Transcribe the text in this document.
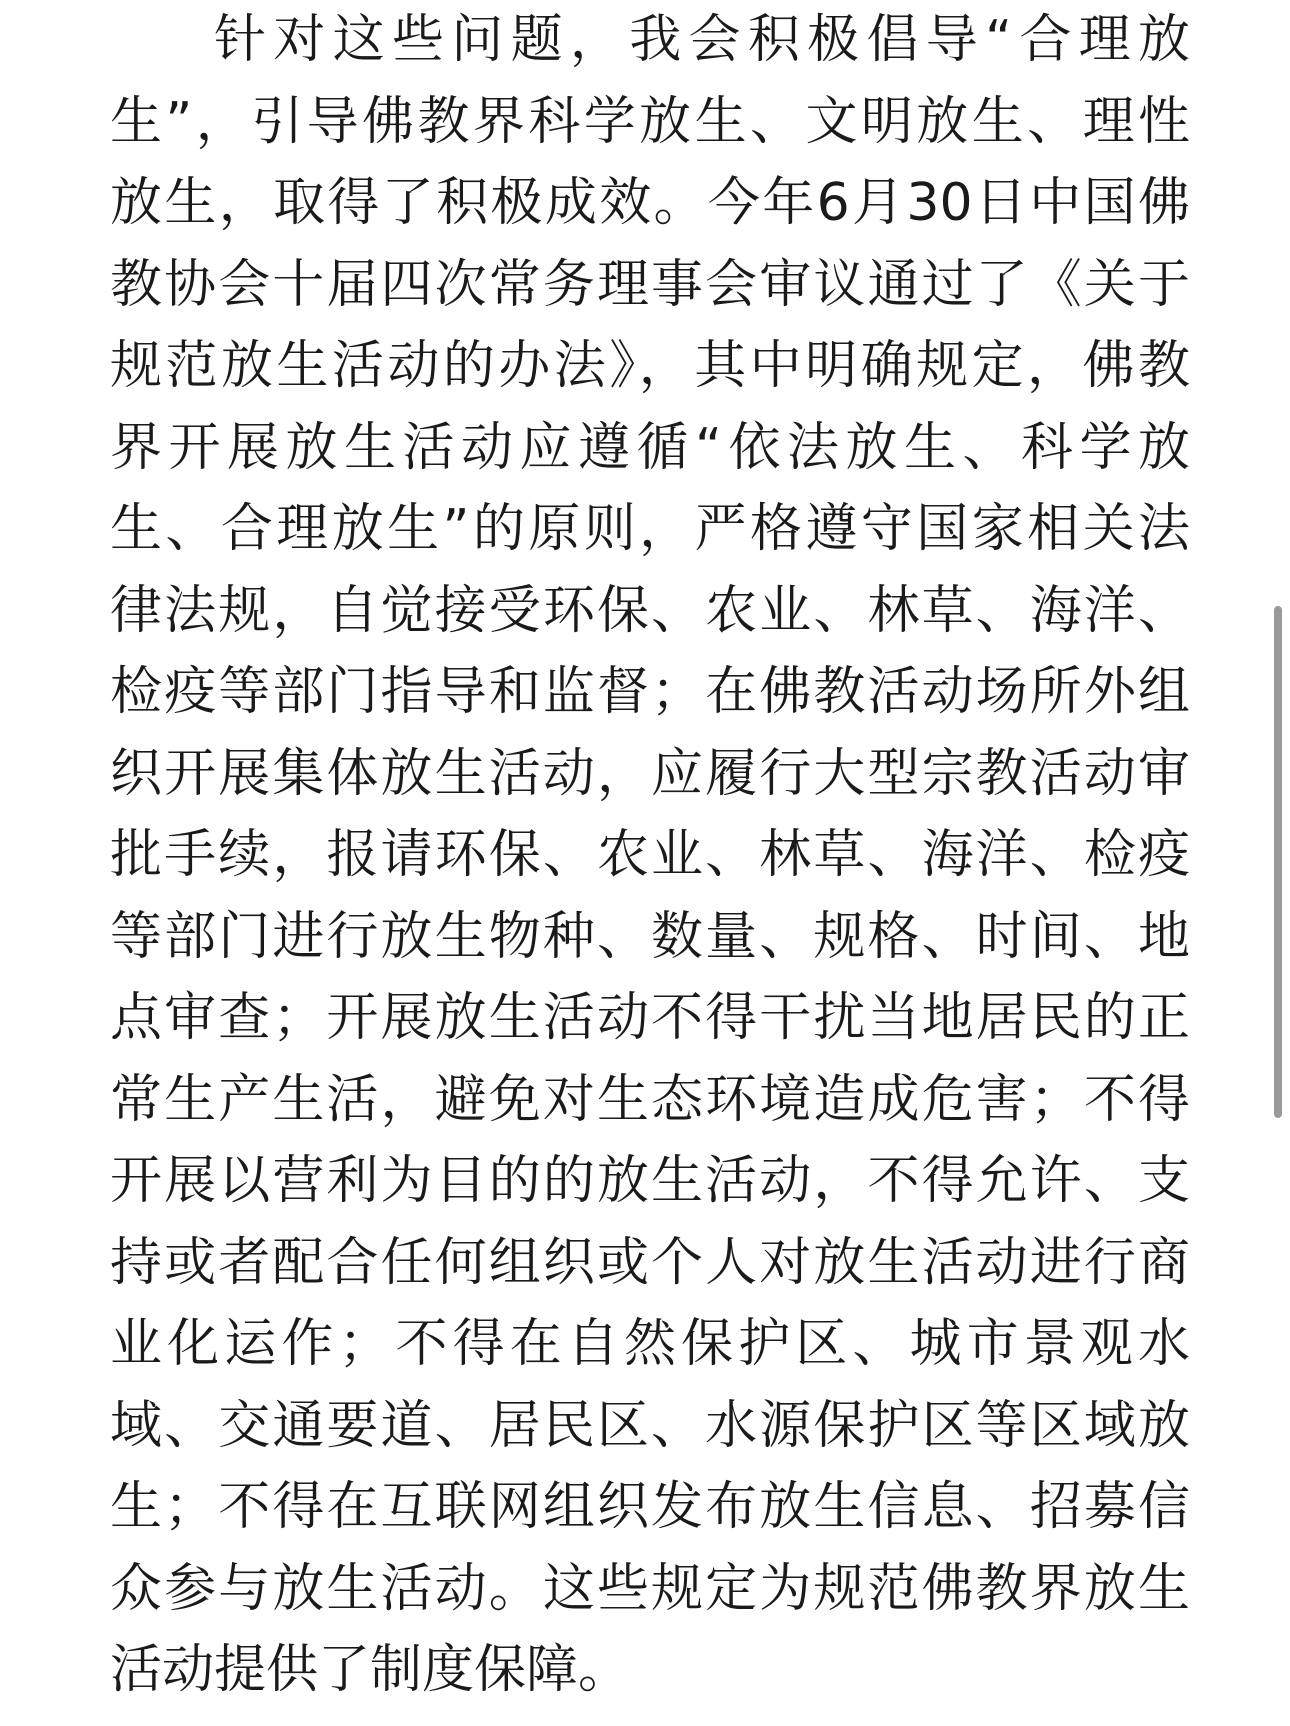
针对这些问题，我会积极倡导“合理放
生”，引导佛教界科学放生、文明放生、理性
放生，取得了积极成效。今年6月30日中国佛
教协会十届四次常务理事会审议通过了《关于
规范放生活动的办法》，其中明确规定，佛教
界开展放生活动应遵循“依法放生、科学放
生、合理放生”的原则，严格遵守国家相关法
律法规，自觉接受环保、农业、林草、海洋、
检疫等部门指导和监督；在佛教活动场所外组
织开展集体放生活动，应履行大型宗教活动审
批手续，报请环保、农业、林草、海洋、检疫
等部门进行放生物种、数量、规格、时间、地
点审查；开展放生活动不得干扰当地居民的正
常生产生活，避免对生态环境造成危害；不得
开展以营利为目的的放生活动，不得允许、支
持或者配合任何组织或个人对放生活动进行商
业化运作；不得在自然保护区、城市景观水
域、交通要道、居民区、水源保护区等区域放
生；不得在互联网组织发布放生信息、招募信
众参与放生活动。这些规定为规范佛教界放生
活动提供了制度保障。
